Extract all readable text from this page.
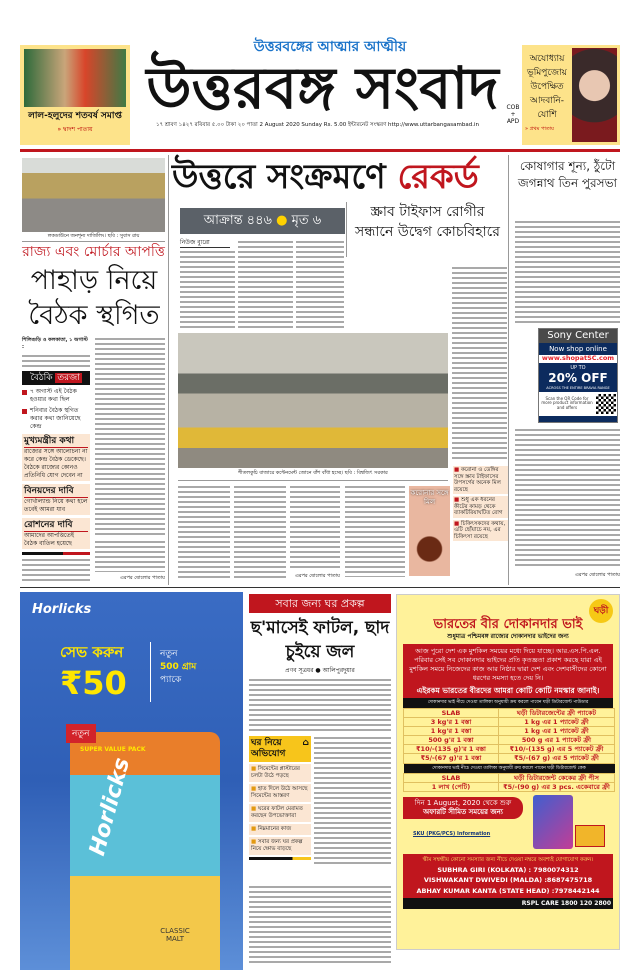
লাল-হলুদের শতবর্ষ সমাপ্ত
» দ্বাদশ পাতায়
উত্তরবঙ্গের আত্মার আত্মীয়
উত্তরবঙ্গ সংবাদ
১৭ শ্রাবণ ১৪২৭ রবিবার ৫.০০ টাকা ২০ পাতা 2 August 2020 Sunday Rs. 5.00 ইন্টারনেট সংস্করণ http://www.uttarbangasambad.in
COB + APD
অযোধ্যায় ভূমিপুজোয় উপেক্ষিত আদবানি-যোশি
» প্রথম পাতায়
লকডাউনে জনশূন্য দার্জিলিং। ছবি : সুবাস রায়
রাজ্য এবং মোর্চার আপত্তি
পাহাড় নিয়ে বৈঠক স্থগিত
শিলিগুড়ি ও কলকাতা, ১ অগাস্ট :
বৈঠকি তরজা
৭ অগাস্ট এই বৈঠক হওয়ার কথা ছিল
শনিবার বৈঠক স্থগিত করার কথা জানিয়েছে কেন্দ্র
মুখ্যমন্ত্রীর কথা
রাজ্যের সঙ্গে আলোচনা না করে কেন্দ্র বৈঠক ডেকেছে। বৈঠকে রাজ্যের কোনও প্রতিনিধি যোগ দেবেন না
বিনয়দের দাবি
গোর্খাল্যান্ড নিয়ে কথা হলে তবেই আমরা যাব
রোশনের দাবি
আমাদের আপত্তিতেই বৈঠক বাতিল হয়েছে
এরপর ষোলোর পাতায়
উত্তরে সংক্রমণে রেকর্ড
আক্রান্ত ৪৪৬ ● মৃত ৬
নিউজ ব্যুরো
শীতলকুচি বাজারে কন্টেনমেন্ট জোনে বাঁশ বাঁধা হচ্ছে। ছবি : বিশ্বজিৎ সরকার
এরপর ষোলোর পাতায়
স্ক্রাব টাইফাস রোগীর সন্ধানে উদ্বেগ কোচবিহারে
করোনার সঙ্গে মিল
■ করোনা ও ডেঙ্গির সঙ্গে স্ক্রাব টাইফাসের উপসর্গের অনেক মিল রয়েছে
■ শুধু এক ধরনের কীটের কামড় থেকে ব্যাকটিরিয়াঘটিত রোগ
■ চিকিৎসকদের কথায়, এটি ছোঁয়াচে নয়, এর চিকিৎসা রয়েছে
কোষাগার শূন্য, ঠুঁটো জগন্নাথ তিন পুরসভা
Sony Center
Now shop online
www.shopatSC.com
UP TO
20% OFF
ACROSS THE ENTIRE BRAVIA RANGE
Scan the QR Code for more product information and offers
এরপর ষোলোর পাতায়
Horlicks
সেভ করুন
₹50
নতুন
500 গ্রাম
প্যাকে
নতুন
SUPER VALUE PACK
Horlicks
CLASSIC MALT
সবার জন্য ঘর প্রকল্প
ছ'মাসেই ফাটল, ছাদ চুইয়ে জল
প্রণব সূত্রধর ● আলিপুরদুয়ার
ঘর নিয়ে অভিযোগ
⌂
■ সিমেন্টের প্লাস্টারের চলটা উঠে পড়ছে
■ হাত দিলে উঠে আসছে সিমেন্টের আস্তরণ
■ ঘরের ফাটল মেরামত করছেন উপভোক্তারা
■ নিম্নমানের কাজ
■ সবার জন্য ঘর প্রকল্প নিয়ে ক্ষোভ বাড়ছে
ঘড়ী
ভারতের বীর দোকানদার ভাই
শুধুমাত্র পশ্চিমবঙ্গ রাজ্যের দোকানদার ভাইদের জন্য
আজ পুরো দেশ এক মুশকিল সময়ের মধ্যে দিয়ে যাচ্ছে। আর.এস.পি.এল. পরিবার সেই সব দোকানদার ভাইদের প্রতি কৃতজ্ঞতা প্রকাশ করছে যারা এই মুশকিল সময়ে নিজেদের কাজ আর নিষ্ঠার দ্বারা দেশ এবং দেশবাসীদের কোনো ধরণের সমস্যা হতে দেয় নি।
এইরকম ভারতের বীরদের আমরা কোটি কোটি নমস্কার জানাই।
দোকানদার ভাই নীচে দেওয়া তালিকা অনুযায়ী ক্রয় করলে পাবেন ঘড়ী ডিটারজেন্ট পাউডার
SLAB	ঘড়ী ডিটারজেন্টের ফ্রী প্যাকেট
3 kg'র 1 বস্তা	1 kg এর 1 প্যাকেট ফ্রী
1 kg'র 1 বস্তা	1 kg এর 1 প্যাকেট ফ্রী
500 g'র 1 বস্তা	500 g এর 1 প্যাকেট ফ্রী
₹10/-(135 g)'র 1 বস্তা	₹10/-(135 g) এর 5 প্যাকেট ফ্রী
₹5/-(67 g)'র 1 বস্তা	₹5/-(67 g) এর 5 প্যাকেট ফ্রী
দোকানদার ভাই নীচে দেওয়া তালিকা অনুযায়ী ক্রয় করলে পাবেন ঘড়ী ডিটারজেন্ট কেক	
SLAB	ঘড়ী ডিটারজেন্ট কেকের ফ্রী পীস
1 লাখ (পেটি)	₹5/-(90 g) এর 3 pcs. একেবারে ফ্রী
দিন 1 August, 2020 থেকে শুরু
অফারটি সীমিত সময়ের জন্য
SKU (PKG/PCS) Information
স্কীম সম্বন্ধীয় কোনো সমস্যার জন্য নীচে দেওয়া নম্বরে অবশ্যই যোগাযোগ করুন।
SUBHRA GIRI (KOLKATA) : 7980074312
VISHWAKANT DWIVEDI (MALDA) :8687475718
ABHAY KUMAR KANTA (STATE HEAD) :7978442144
RSPL CARE 1800 120 2800
